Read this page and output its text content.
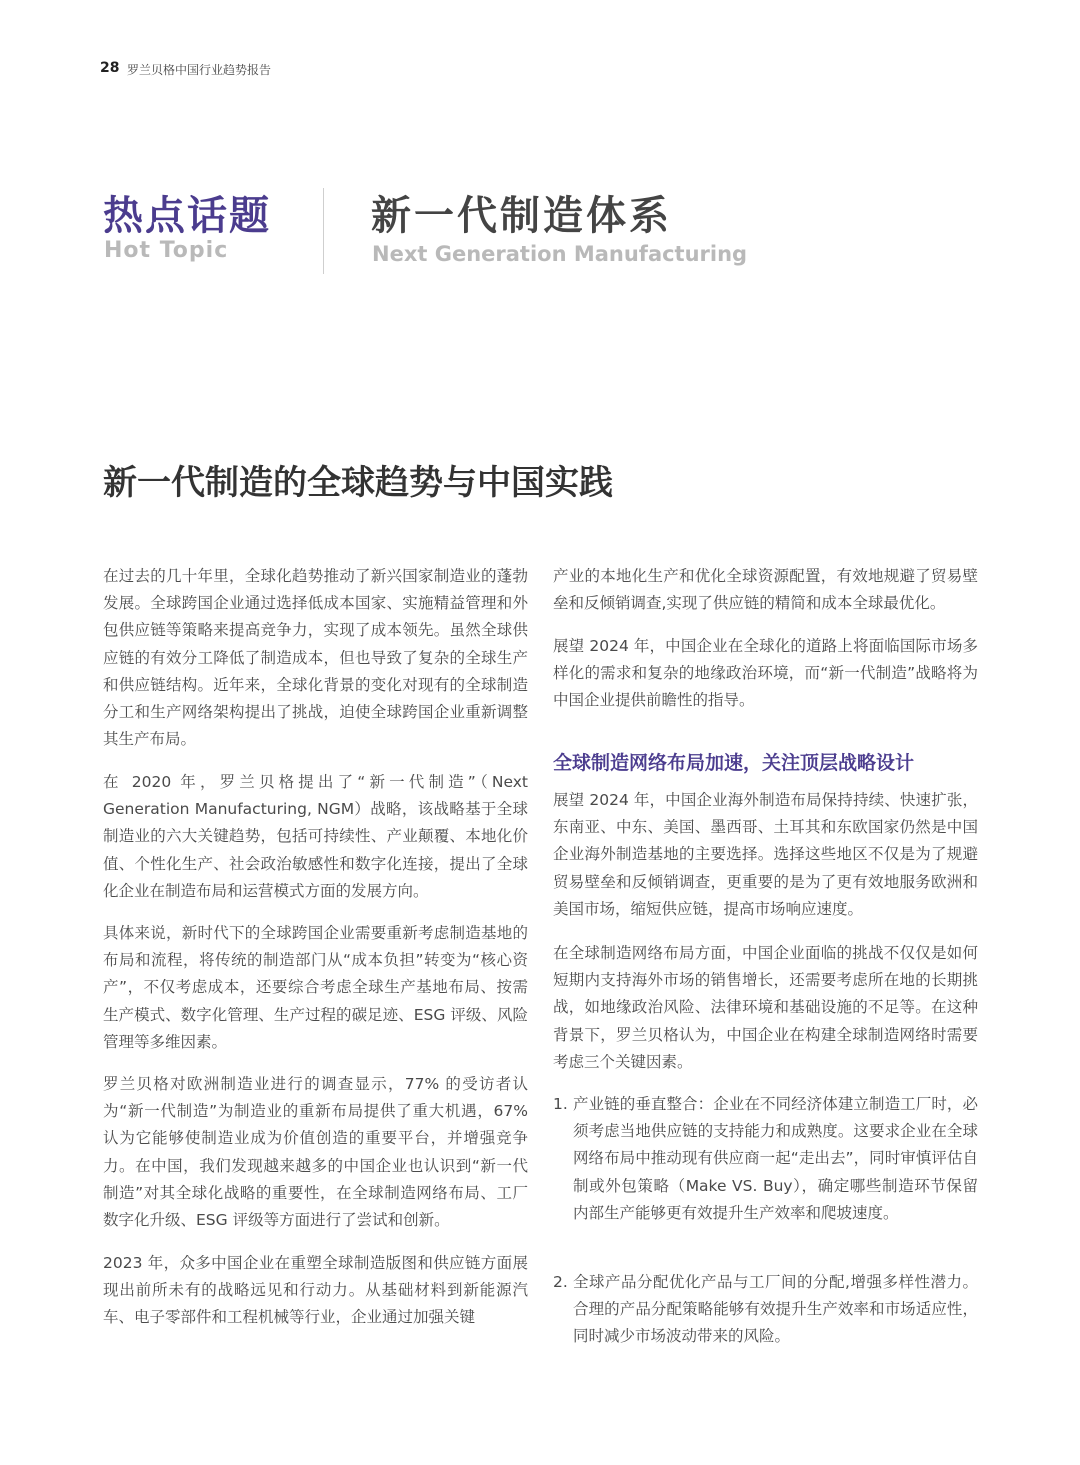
28 罗兰贝格中国行业趋势报告
热点话题
Hot Topic
新一代制造体系
Next Generation Manufacturing
新一代制造的全球趋势与中国实践

在过去的几十年里，全球化趋势推动了新兴国家制造业的蓬勃发展。全球跨国企业通过选择低成本国家、实施精益管理和外包供应链等策略来提高竞争力，实现了成本领先。虽然全球供应链的有效分工降低了制造成本，但也导致了复杂的全球生产和供应链结构。近年来，全球化背景的变化对现有的全球制造分工和生产网络架构提出了挑战，迫使全球跨国企业重新调整其生产布局。

在 2020 年，罗兰贝格提出了“新一代制造”（Next Generation Manufacturing, NGM）战略，该战略基于全球制造业的六大关键趋势，包括可持续性、产业颠覆、本地化价值、个性化生产、社会政治敏感性和数字化连接，提出了全球化企业在制造布局和运营模式方面的发展方向。

具体来说，新时代下的全球跨国企业需要重新考虑制造基地的布局和流程，将传统的制造部门从“成本负担”转变为“核心资产”，不仅考虑成本，还要综合考虑全球生产基地布局、按需生产模式、数字化管理、生产过程的碳足迹、ESG 评级、风险管理等多维因素。

罗兰贝格对欧洲制造业进行的调查显示，77% 的受访者认为“新一代制造”为制造业的重新布局提供了重大机遇，67% 认为它能够使制造业成为价值创造的重要平台，并增强竞争力。在中国，我们发现越来越多的中国企业也认识到“新一代制造”对其全球化战略的重要性，在全球制造网络布局、工厂数字化升级、ESG 评级等方面进行了尝试和创新。

2023 年，众多中国企业在重塑全球制造版图和供应链方面展现出前所未有的战略远见和行动力。从基础材料到新能源汽车、电子零部件和工程机械等行业，企业通过加强关键

产业的本地化生产和优化全球资源配置，有效地规避了贸易壁垒和反倾销调查,实现了供应链的精简和成本全球最优化。

展望 2024 年，中国企业在全球化的道路上将面临国际市场多样化的需求和复杂的地缘政治环境，而“新一代制造”战略将为中国企业提供前瞻性的指导。

全球制造网络布局加速，关注顶层战略设计

展望 2024 年，中国企业海外制造布局保持持续、快速扩张，东南亚、中东、美国、墨西哥、土耳其和东欧国家仍然是中国企业海外制造基地的主要选择。选择这些地区不仅是为了规避贸易壁垒和反倾销调查，更重要的是为了更有效地服务欧洲和美国市场，缩短供应链，提高市场响应速度。

在全球制造网络布局方面，中国企业面临的挑战不仅仅是如何短期内支持海外市场的销售增长，还需要考虑所在地的长期挑战，如地缘政治风险、法律环境和基础设施的不足等。在这种背景下，罗兰贝格认为，中国企业在构建全球制造网络时需要考虑三个关键因素。

1. 产业链的垂直整合：企业在不同经济体建立制造工厂时，必须考虑当地供应链的支持能力和成熟度。这要求企业在全球网络布局中推动现有供应商一起“走出去”，同时审慎评估自制或外包策略（Make VS. Buy），确定哪些制造环节保留内部生产能够更有效提升生产效率和爬坡速度。
2. 全球产品分配优化产品与工厂间的分配,增强多样性潜力。合理的产品分配策略能够有效提升生产效率和市场适应性，同时减少市场波动带来的风险。
